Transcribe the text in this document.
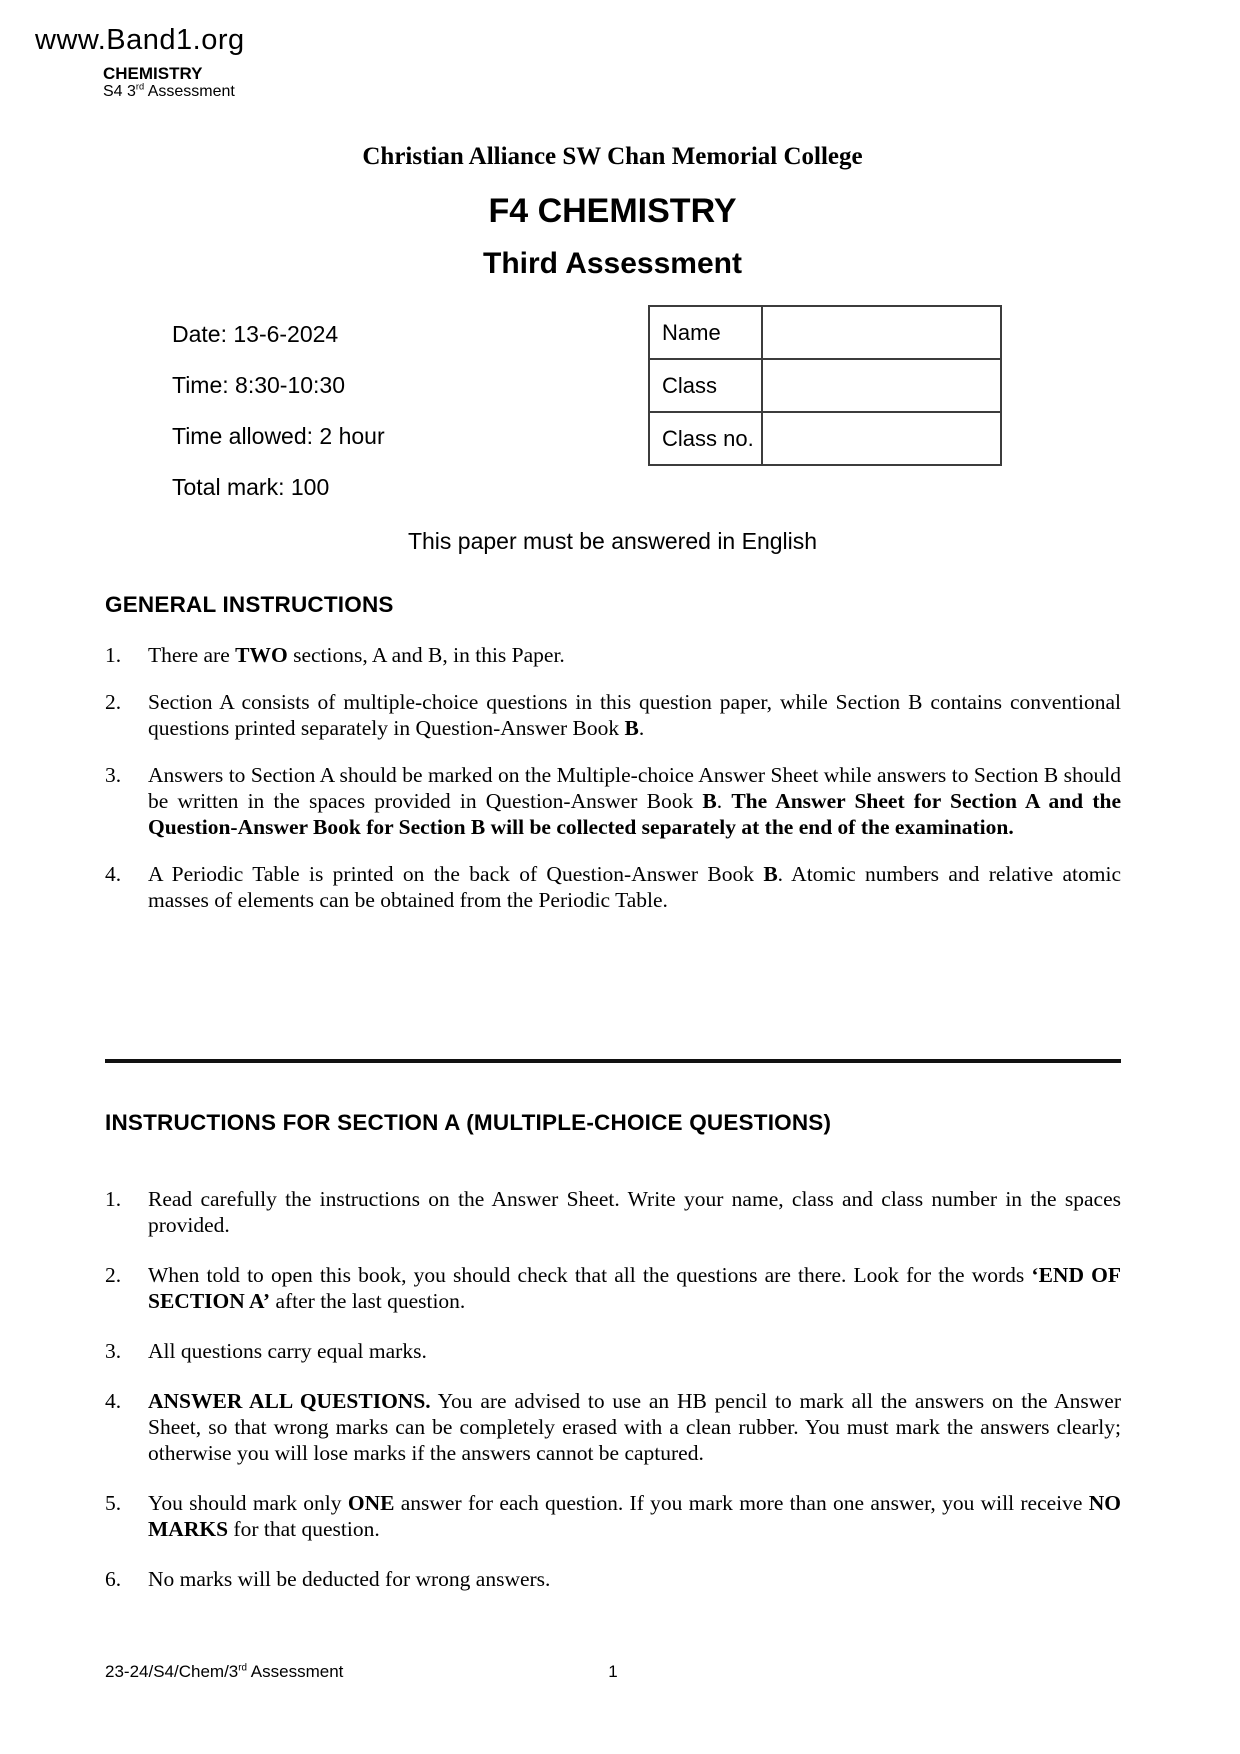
www.Band1.org
CHEMISTRY
S4 3rd Assessment
Christian Alliance SW Chan Memorial College
F4 CHEMISTRY
Third Assessment
Date: 13-6-2024
Time: 8:30-10:30
Time allowed: 2 hour
Total mark: 100
Name	
Class	
Class no.	
This paper must be answered in English
GENERAL INSTRUCTIONS
1.	There are TWO sections, A and B, in this Paper.
2.	Section A consists of multiple-choice questions in this question paper, while Section B contains conventional questions printed separately in Question-Answer Book B.
3.	Answers to Section A should be marked on the Multiple-choice Answer Sheet while answers to Section B should be written in the spaces provided in Question-Answer Book B. The Answer Sheet for Section A and the Question-Answer Book for Section B will be collected separately at the end of the examination.
4.	A Periodic Table is printed on the back of Question-Answer Book B. Atomic numbers and relative atomic masses of elements can be obtained from the Periodic Table.
INSTRUCTIONS FOR SECTION A (MULTIPLE-CHOICE QUESTIONS)
1.	Read carefully the instructions on the Answer Sheet. Write your name, class and class number in the spaces provided.
2.	When told to open this book, you should check that all the questions are there. Look for the words ‘END OF SECTION A’ after the last question.
3.	All questions carry equal marks.
4.	ANSWER ALL QUESTIONS. You are advised to use an HB pencil to mark all the answers on the Answer Sheet, so that wrong marks can be completely erased with a clean rubber. You must mark the answers clearly; otherwise you will lose marks if the answers cannot be captured.
5.	You should mark only ONE answer for each question. If you mark more than one answer, you will receive NO MARKS for that question.
6.	No marks will be deducted for wrong answers.
23-24/S4/Chem/3rd Assessment	1
